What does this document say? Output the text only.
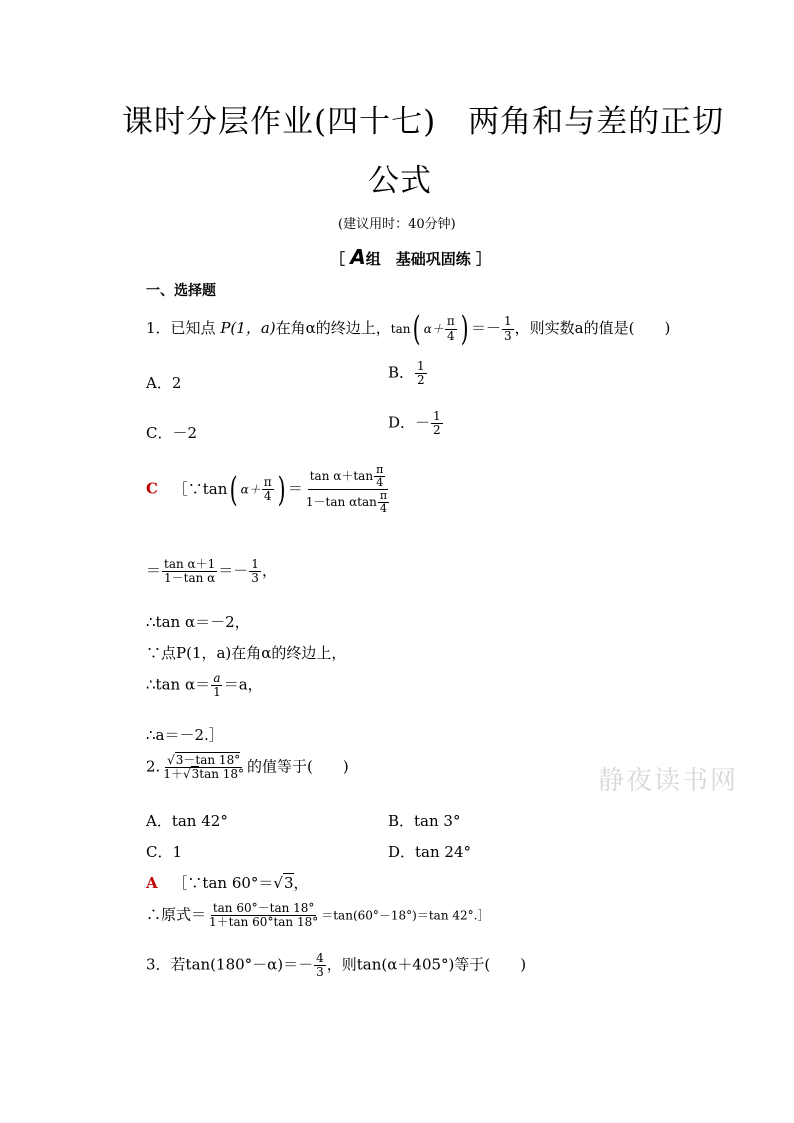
课时分层作业(四十七)　两角和与差的正切
公式
(建议用时：40分钟)
［ A组　基础巩固练 ］
一、选择题
1．已知点 P(1，a)在角α的终边上，tan( $\alpha+ \frac{\pi}{4}$ ) ＝－ $\frac{1}{3}$ ，则实数a的值是(　　)
A．2
B． $\frac{1}{2}$
C．－2
D．－ $\frac{1}{2}$
C ［∵tan( $\alpha+ \frac{\pi}{4}$ ) ＝ $\frac{\tan \alpha+\tan \frac{\pi}{4}}{1-\tan \alpha\tan \frac{\pi}{4}}$
＝ $\frac{\text{tan α＋1}}{\text{1－tan α}} =- \frac{1}{3}$ ，
∴tan α＝－2，
∵点P(1，a)在角α的终边上，
∴tan $\alpha= \frac{a}{1} =a$，
∴a＝－2.］
2. $\frac{√3-\tan 18^\circ}{1+√3\tan 18^\circ}$ 的值等于(　　)	静夜读书网
A．tan 42°	B．tan 3°
C．1	D．tan 24°
A ［∵tan 60°＝√3，
∴原式＝ $\frac{\tan 60^\circ-\tan 18^\circ}{1+\tan 60^\circ\tan 18^\circ} =\tan(60^\circ-18^\circ)=\tan$ 42°.］
3．若$\tan(180^\circ-\alpha)=- \frac{4}{3}$ ，则tan(α＋405°)等于(　　)
